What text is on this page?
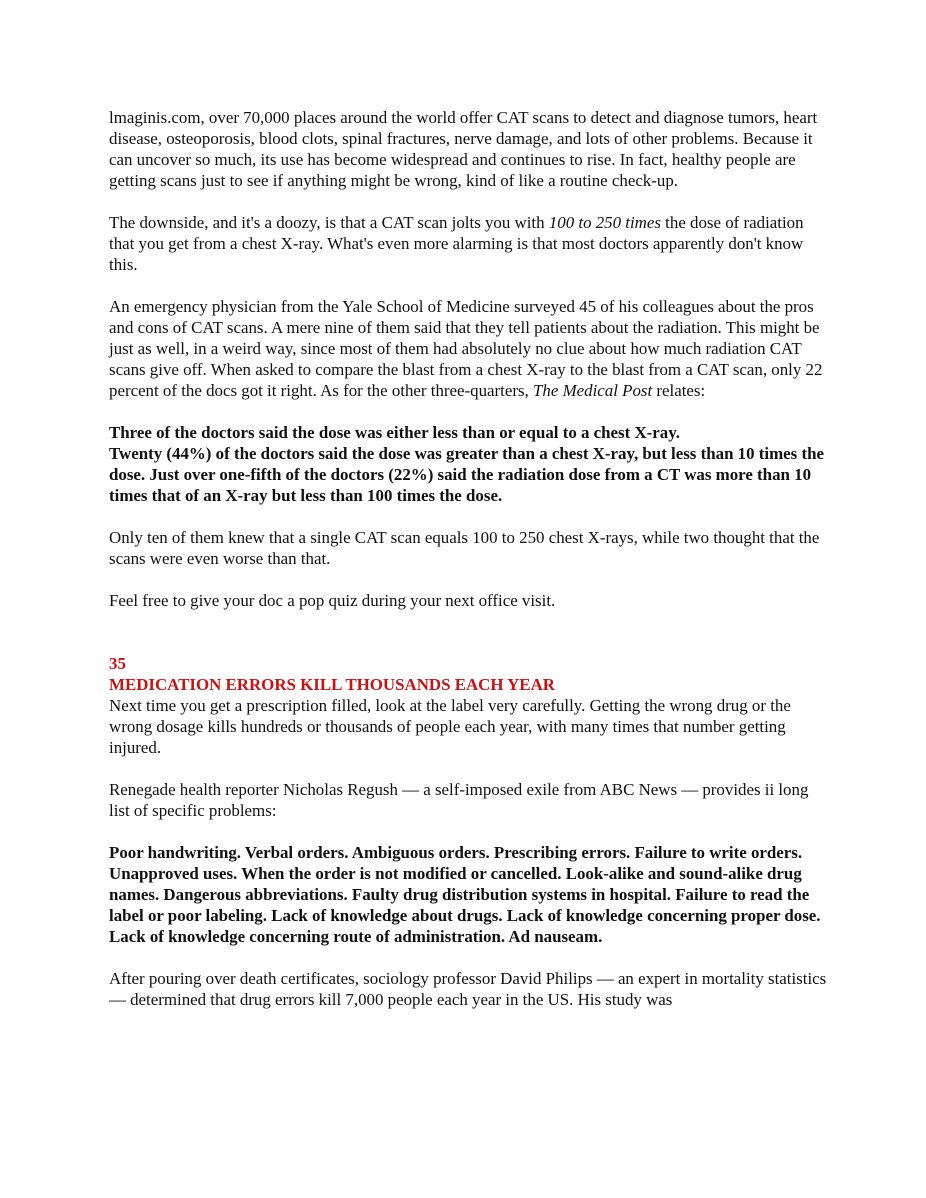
lmaginis.com, over 70,000 places around the world offer CAT scans to detect and diagnose tumors, heart disease, osteoporosis, blood clots, spinal fractures, nerve damage, and lots of other problems. Because it can uncover so much, its use has become widespread and continues to rise. In fact, healthy people are getting scans just to see if anything might be wrong, kind of like a routine check-up.

The downside, and it's a doozy, is that a CAT scan jolts you with 100 to 250 times the dose of radiation that you get from a chest X-ray. What's even more alarming is that most doctors apparently don't know this.

An emergency physician from the Yale School of Medicine surveyed 45 of his colleagues about the pros and cons of CAT scans. A mere nine of them said that they tell patients about the radiation. This might be just as well, in a weird way, since most of them had absolutely no clue about how much radiation CAT scans give off. When asked to compare the blast from a chest X-ray to the blast from a CAT scan, only 22 percent of the docs got it right. As for the other three-quarters, The Medical Post relates:

Three of the doctors said the dose was either less than or equal to a chest X-ray.
Twenty (44%) of the doctors said the dose was greater than a chest X-ray, but less than 10 times the dose. Just over one-fifth of the doctors (22%) said the radiation dose from a CT was more than 10 times that of an X-ray but less than 100 times the dose.

Only ten of them knew that a single CAT scan equals 100 to 250 chest X-rays, while two thought that the scans were even worse than that.

Feel free to give your doc a pop quiz during your next office visit.

35

MEDICATION ERRORS KILL THOUSANDS EACH YEAR

Next time you get a prescription filled, look at the label very carefully. Getting the wrong drug or the wrong dosage kills hundreds or thousands of people each year, with many times that number getting injured.

Renegade health reporter Nicholas Regush — a self-imposed exile from ABC News — provides ii long list of specific problems:

Poor handwriting. Verbal orders. Ambiguous orders. Prescribing errors. Failure to write orders. Unapproved uses. When the order is not modified or cancelled. Look-alike and sound-alike drug names. Dangerous abbreviations. Faulty drug distribution systems in hospital. Failure to read the label or poor labeling. Lack of knowledge about drugs. Lack of knowledge concerning proper dose. Lack of knowledge concerning route of administration. Ad nauseam.

After pouring over death certificates, sociology professor David Philips — an expert in mortality statistics — determined that drug errors kill 7,000 people each year in the US. His study was
